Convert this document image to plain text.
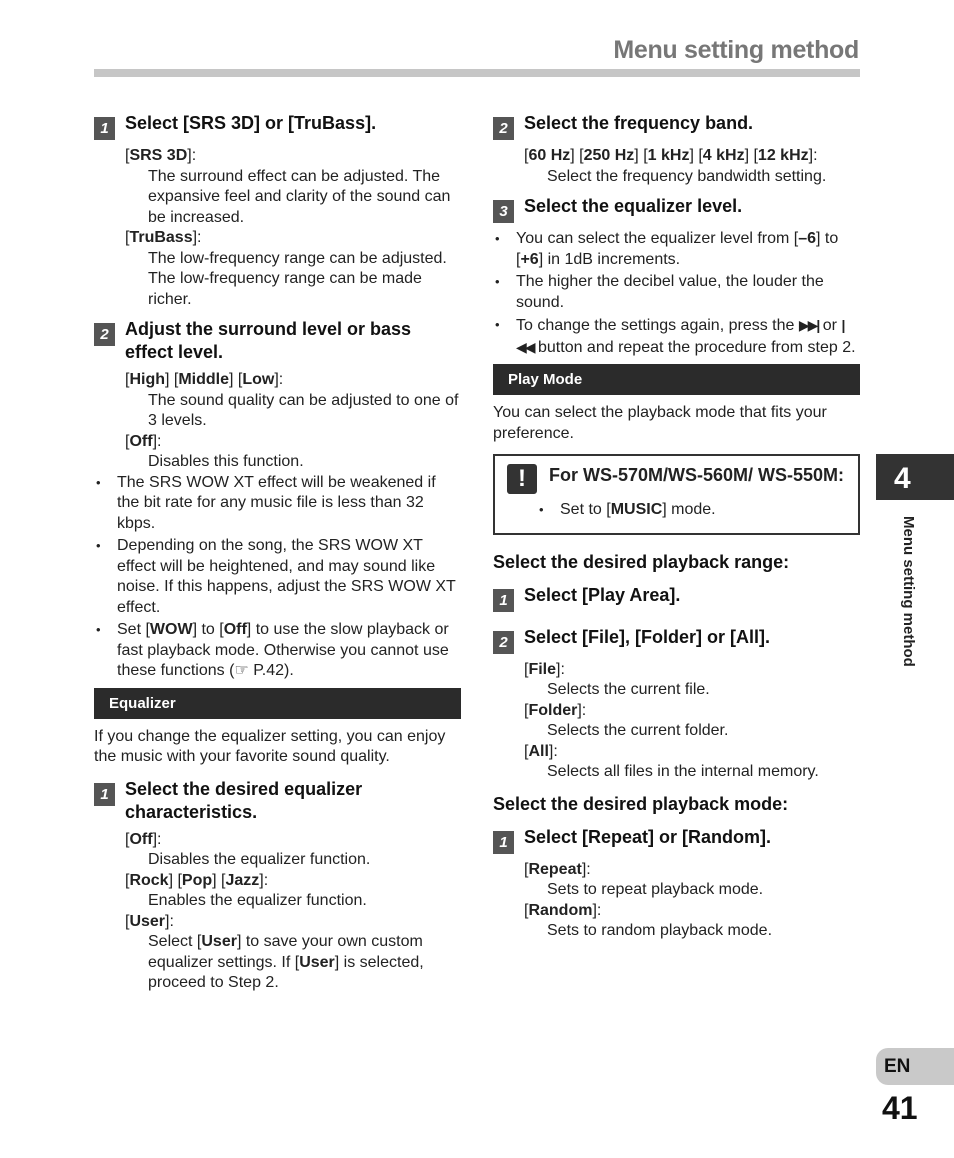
Menu setting method
1 Select [SRS 3D] or [TruBass].
[SRS 3D]:
The surround effect can be adjusted. The expansive feel and clarity of the sound can be increased.
[TruBass]:
The low-frequency range can be adjusted. The low-frequency range can be made richer.
2 Adjust the surround level or bass effect level.
[High] [Middle] [Low]:
The sound quality can be adjusted to one of 3 levels.
[Off]:
Disables this function.
• The SRS WOW XT effect will be weakened if the bit rate for any music file is less than 32 kbps.
• Depending on the song, the SRS WOW XT effect will be heightened, and may sound like noise. If this happens, adjust the SRS WOW XT effect.
• Set [WOW] to [Off] to use the slow playback or fast playback mode. Otherwise you cannot use these functions (☞ P.42).
Equalizer
If you change the equalizer setting, you can enjoy the music with your favorite sound quality.
1 Select the desired equalizer characteristics.
[Off]:
Disables the equalizer function.
[Rock] [Pop] [Jazz]:
Enables the equalizer function.
[User]:
Select [User] to save your own custom equalizer settings. If [User] is selected, proceed to Step 2.
2 Select the frequency band.
[60 Hz] [250 Hz] [1 kHz] [4 kHz] [12 kHz]:
Select the frequency bandwidth setting.
3 Select the equalizer level.
• You can select the equalizer level from [–6] to [+6] in 1dB increments.
• The higher the decibel value, the louder the sound.
• To change the settings again, press the ▶▶| or |◀◀ button and repeat the procedure from step 2.
Play Mode
You can select the playback mode that fits your preference.
!	For WS-570M/WS-560M/ WS-550M:
• Set to [MUSIC] mode.
Select the desired playback range:
1 Select [Play Area].
2 Select [File], [Folder] or [All].
[File]:
Selects the current file.
[Folder]:
Selects the current folder.
[All]:
Selects all files in the internal memory.
Select the desired playback mode:
1 Select [Repeat] or [Random].
[Repeat]:
Sets to repeat playback mode.
[Random]:
Sets to random playback mode.
4
Menu setting method
EN
41
